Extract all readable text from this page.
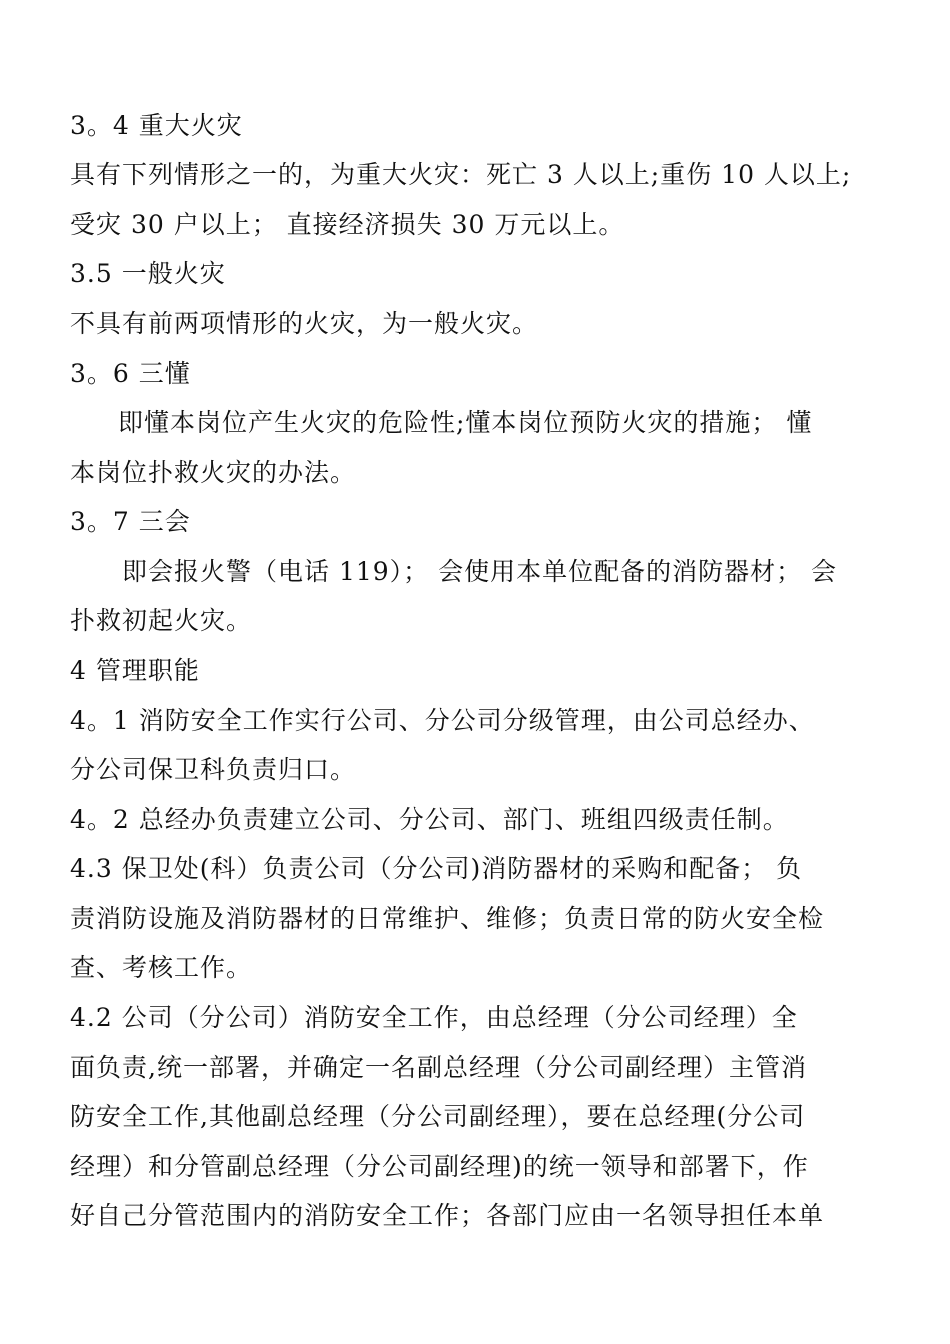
3。4 重大火灾
具有下列情形之一的，为重大火灾：死亡 3 人以上;重伤 10 人以上;
受灾 30 户以上； 直接经济损失 30 万元以上。
3.5 一般火灾
不具有前两项情形的火灾，为一般火灾。
3。6 三懂
即懂本岗位产生火灾的危险性;懂本岗位预防火灾的措施； 懂
本岗位扑救火灾的办法。
3。7 三会
即会报火警（电话 119）； 会使用本单位配备的消防器材； 会
扑救初起火灾。
4 管理职能
4。1 消防安全工作实行公司、分公司分级管理，由公司总经办、
分公司保卫科负责归口。
4。2 总经办负责建立公司、分公司、部门、班组四级责任制。
4.3 保卫处(科）负责公司（分公司)消防器材的采购和配备； 负
责消防设施及消防器材的日常维护、维修；负责日常的防火安全检
查、考核工作。
4.2 公司（分公司）消防安全工作，由总经理（分公司经理）全
面负责,统一部署，并确定一名副总经理（分公司副经理）主管消
防安全工作,其他副总经理（分公司副经理），要在总经理(分公司
经理）和分管副总经理（分公司副经理)的统一领导和部署下，作
好自己分管范围内的消防安全工作；各部门应由一名领导担任本单
